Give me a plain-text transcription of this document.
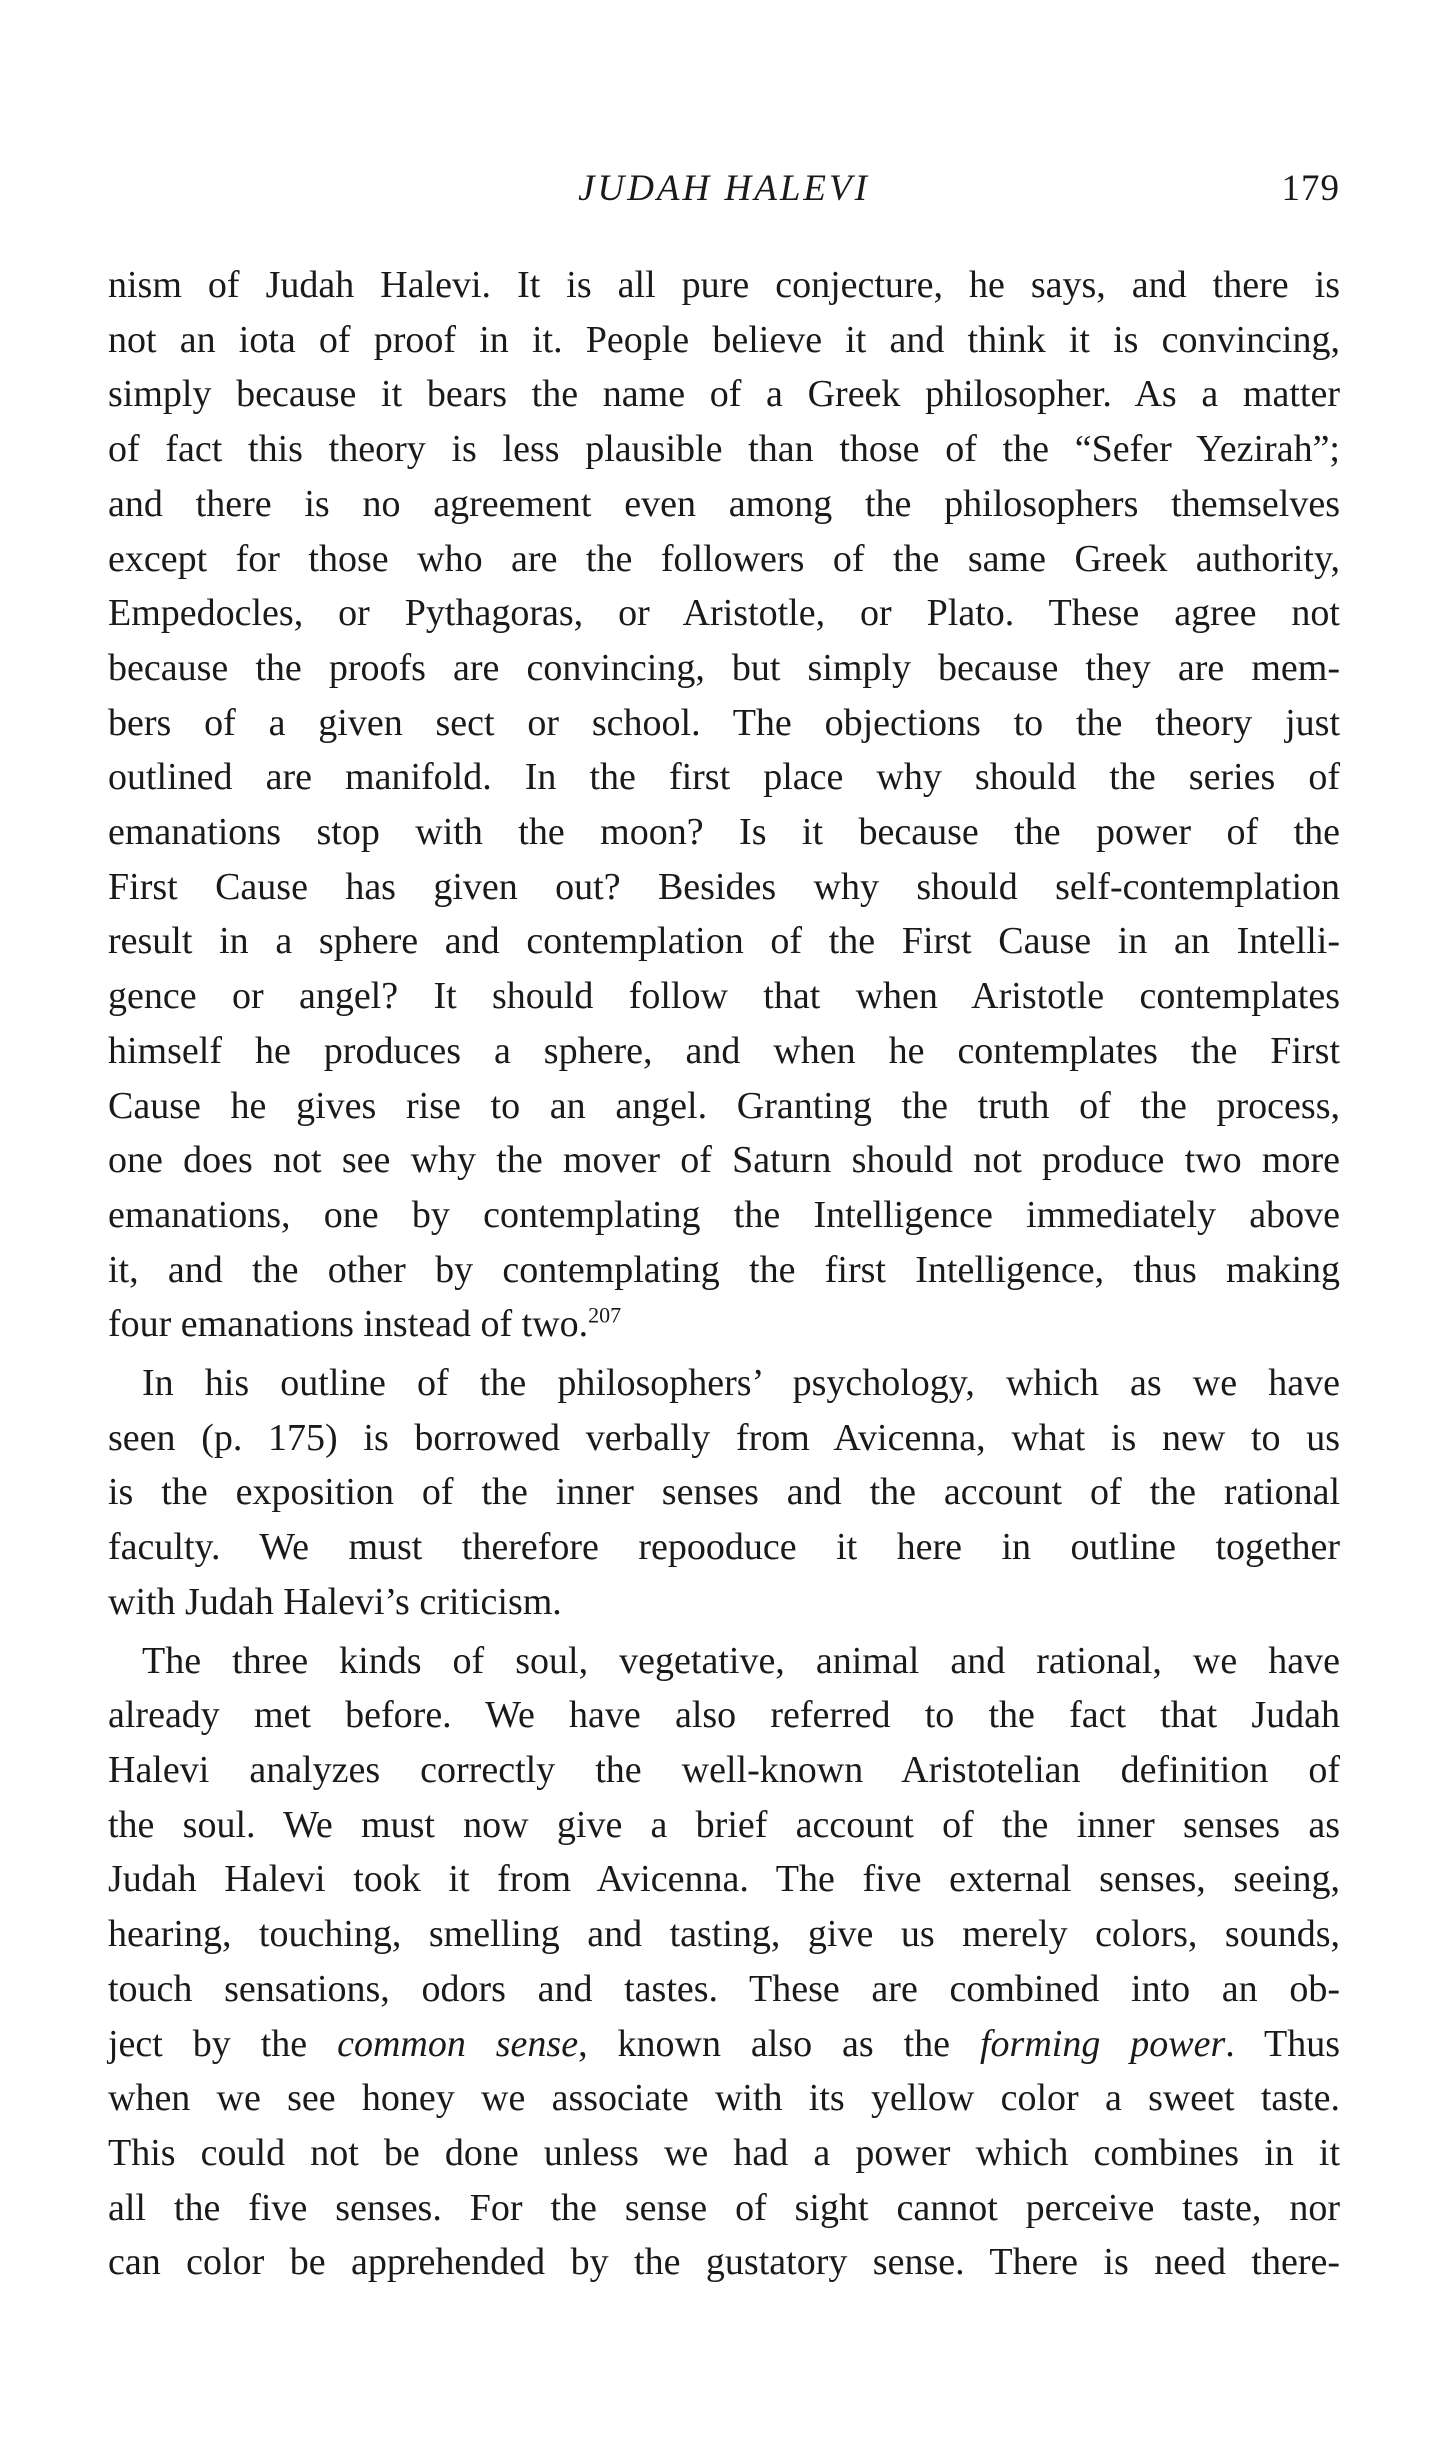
JUDAH HALEVI	179
nism of Judah Halevi. It is all pure conjecture, he says, and there is
not an iota of proof in it. People believe it and think it is convincing,
simply because it bears the name of a Greek philosopher. As a matter
of fact this theory is less plausible than those of the “Sefer Yezirah”;
and there is no agreement even among the philosophers themselves
except for those who are the followers of the same Greek authority,
Empedocles, or Pythagoras, or Aristotle, or Plato. These agree not
because the proofs are convincing, but simply because they are mem-
bers of a given sect or school. The objections to the theory just
outlined are manifold. In the first place why should the series of
emanations stop with the moon? Is it because the power of the
First Cause has given out? Besides why should self-contemplation
result in a sphere and contemplation of the First Cause in an Intelli-
gence or angel? It should follow that when Aristotle contemplates
himself he produces a sphere, and when he contemplates the First
Cause he gives rise to an angel. Granting the truth of the process,
one does not see why the mover of Saturn should not produce two more
emanations, one by contemplating the Intelligence immediately above
it, and the other by contemplating the first Intelligence, thus making
four emanations instead of two.$^{207}$
In his outline of the philosophers’ psychology, which as we have
seen (p. 175) is borrowed verbally from Avicenna, what is new to us
is the exposition of the inner senses and the account of the rational
faculty. We must therefore repooduce it here in outline together
with Judah Halevi’s criticism.
The three kinds of soul, vegetative, animal and rational, we have
already met before. We have also referred to the fact that Judah
Halevi analyzes correctly the well-known Aristotelian definition of
the soul. We must now give a brief account of the inner senses as
Judah Halevi took it from Avicenna. The five external senses, seeing,
hearing, touching, smelling and tasting, give us merely colors, sounds,
touch sensations, odors and tastes. These are combined into an ob-
ject by the common sense, known also as the forming power. Thus
when we see honey we associate with its yellow color a sweet taste.
This could not be done unless we had a power which combines in it
all the five senses. For the sense of sight cannot perceive taste, nor
can color be apprehended by the gustatory sense. There is need there-
